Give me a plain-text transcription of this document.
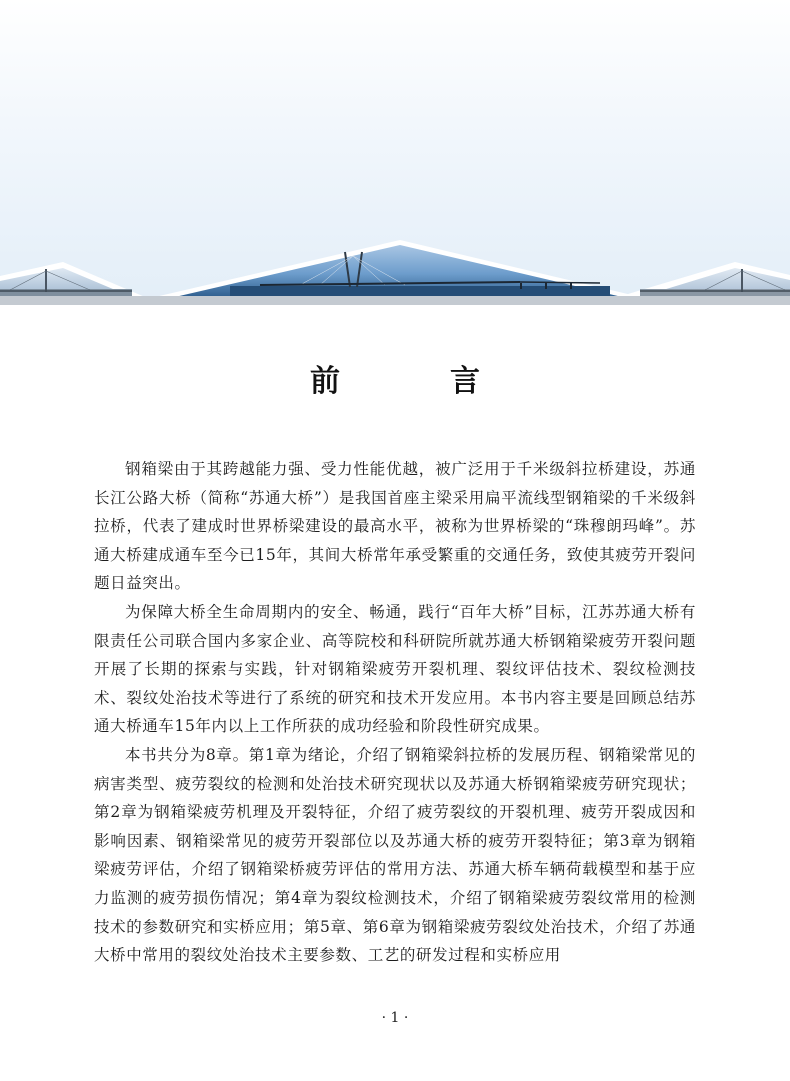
前　言

钢箱梁由于其跨越能力强、受力性能优越，被广泛用于千米级斜拉桥建设，苏通长江公路大桥（简称“苏通大桥”）是我国首座主梁采用扁平流线型钢箱梁的千米级斜拉桥，代表了建成时世界桥梁建设的最高水平，被称为世界桥梁的“珠穆朗玛峰”。苏通大桥建成通车至今已15年，其间大桥常年承受繁重的交通任务，致使其疲劳开裂问题日益突出。

为保障大桥全生命周期内的安全、畅通，践行“百年大桥”目标，江苏苏通大桥有限责任公司联合国内多家企业、高等院校和科研院所就苏通大桥钢箱梁疲劳开裂问题开展了长期的探索与实践，针对钢箱梁疲劳开裂机理、裂纹评估技术、裂纹检测技术、裂纹处治技术等进行了系统的研究和技术开发应用。本书内容主要是回顾总结苏通大桥通车15年内以上工作所获的成功经验和阶段性研究成果。

本书共分为8章。第1章为绪论，介绍了钢箱梁斜拉桥的发展历程、钢箱梁常见的病害类型、疲劳裂纹的检测和处治技术研究现状以及苏通大桥钢箱梁疲劳研究现状；第2章为钢箱梁疲劳机理及开裂特征，介绍了疲劳裂纹的开裂机理、疲劳开裂成因和影响因素、钢箱梁常见的疲劳开裂部位以及苏通大桥的疲劳开裂特征；第3章为钢箱梁疲劳评估，介绍了钢箱梁桥疲劳评估的常用方法、苏通大桥车辆荷载模型和基于应力监测的疲劳损伤情况；第4章为裂纹检测技术，介绍了钢箱梁疲劳裂纹常用的检测技术的参数研究和实桥应用；第5章、第6章为钢箱梁疲劳裂纹处治技术，介绍了苏通大桥中常用的裂纹处治技术主要参数、工艺的研发过程和实桥应用

· 1 ·
